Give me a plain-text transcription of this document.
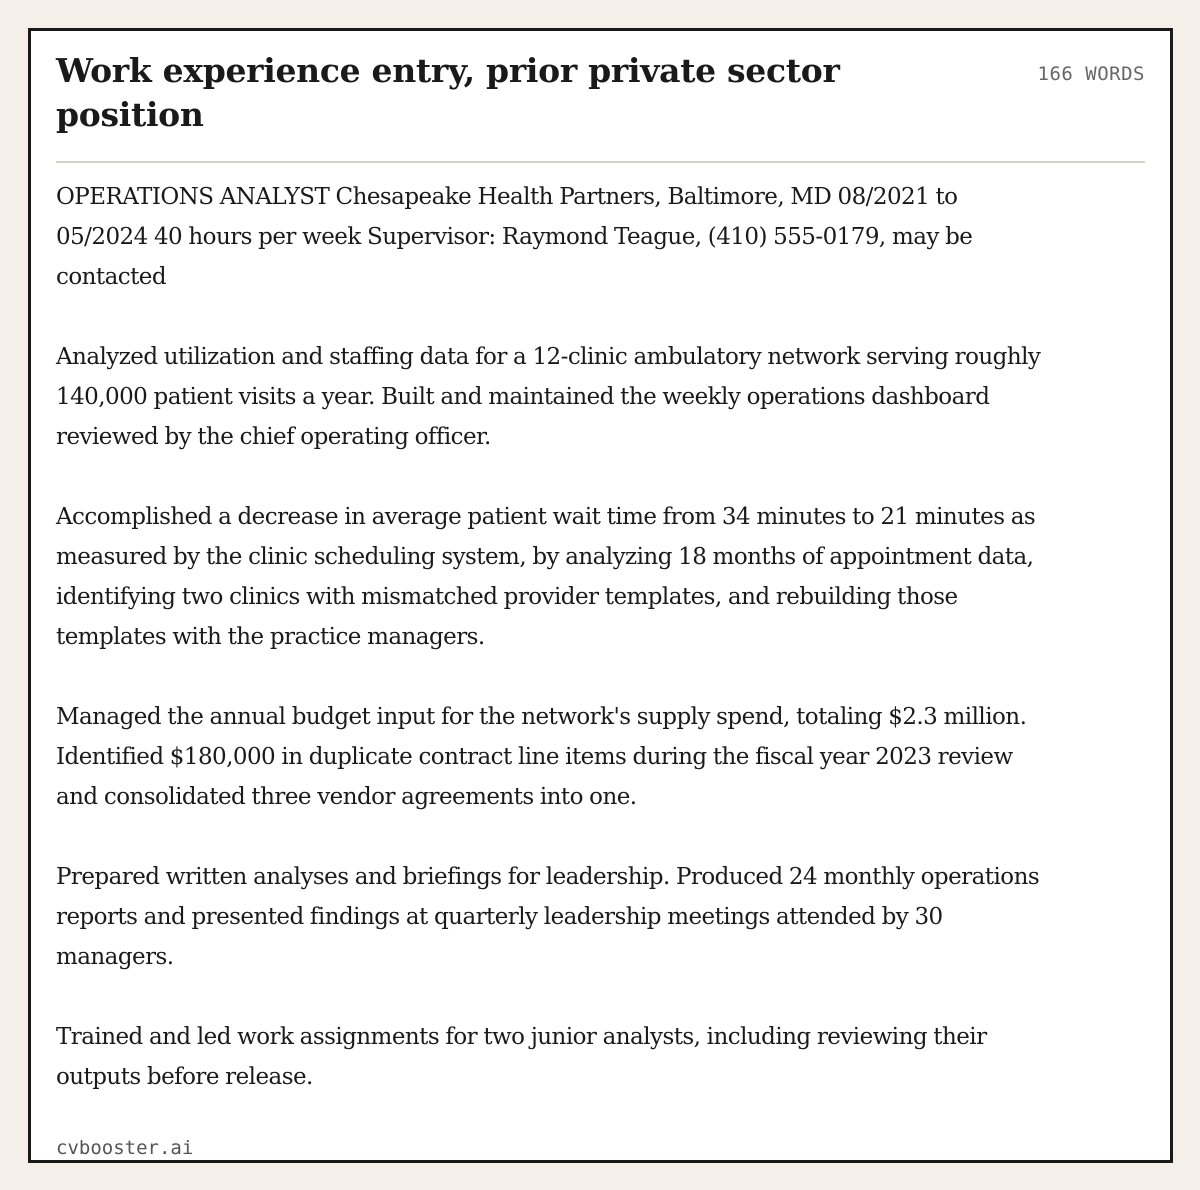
Work experience entry, prior private sector position
166 WORDS

OPERATIONS ANALYST Chesapeake Health Partners, Baltimore, MD 08/2021 to 05/2024 40 hours per week Supervisor: Raymond Teague, (410) 555-0179, may be contacted

Analyzed utilization and staffing data for a 12-clinic ambulatory network serving roughly 140,000 patient visits a year. Built and maintained the weekly operations dashboard reviewed by the chief operating officer.

Accomplished a decrease in average patient wait time from 34 minutes to 21 minutes as measured by the clinic scheduling system, by analyzing 18 months of appointment data, identifying two clinics with mismatched provider templates, and rebuilding those templates with the practice managers.

Managed the annual budget input for the network's supply spend, totaling $2.3 million. Identified $180,000 in duplicate contract line items during the fiscal year 2023 review and consolidated three vendor agreements into one.

Prepared written analyses and briefings for leadership. Produced 24 monthly operations reports and presented findings at quarterly leadership meetings attended by 30 managers.

Trained and led work assignments for two junior analysts, including reviewing their outputs before release.

cvbooster.ai
